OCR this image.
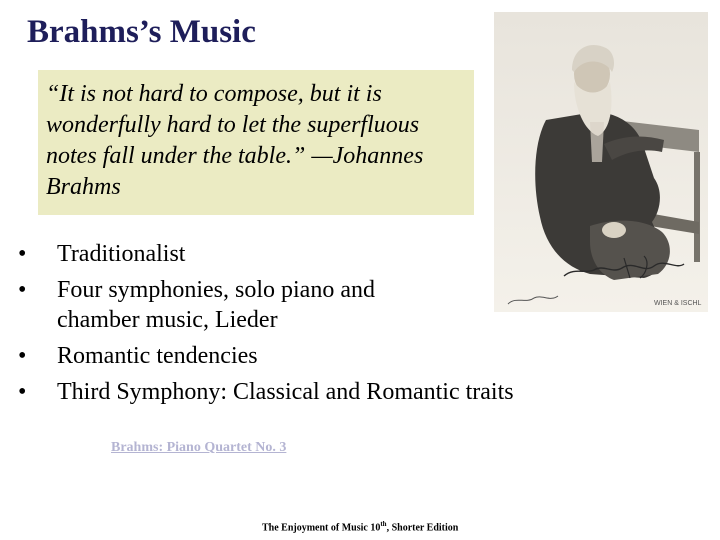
Brahms’s Music
“It is not hard to compose, but it is wonderfully hard to let the superfluous notes fall under the table.” —Johannes Brahms
WIEN & ISCHL
• Traditionalist
• Four symphonies, solo piano and chamber music, Lieder
• Romantic tendencies
• Third Symphony: Classical and Romantic traits
Brahms: Piano Quartet No. 3
The Enjoyment of Music 10th, Shorter Edition
